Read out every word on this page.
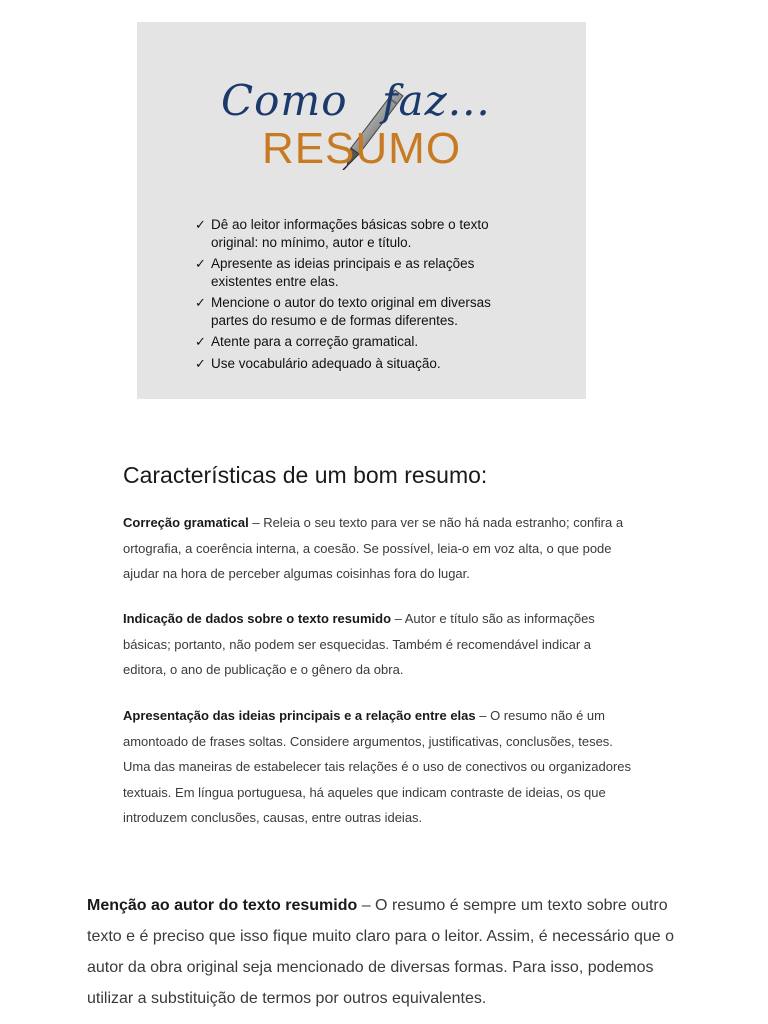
Como faz...
RESUMO
✓ Dê ao leitor informações básicas sobre o texto original: no mínimo, autor e título.
✓ Apresente as ideias principais e as relações existentes entre elas.
✓ Mencione o autor do texto original em diversas partes do resumo e de formas diferentes.
✓ Atente para a correção gramatical.
✓ Use vocabulário adequado à situação.
Características de um bom resumo:

Correção gramatical – Releia o seu texto para ver se não há nada estranho; confira a ortografia, a coerência interna, a coesão. Se possível, leia-o em voz alta, o que pode ajudar na hora de perceber algumas coisinhas fora do lugar.

Indicação de dados sobre o texto resumido – Autor e título são as informações básicas; portanto, não podem ser esquecidas. Também é recomendável indicar a editora, o ano de publicação e o gênero da obra.

Apresentação das ideias principais e a relação entre elas – O resumo não é um amontoado de frases soltas. Considere argumentos, justificativas, conclusões, teses. Uma das maneiras de estabelecer tais relações é o uso de conectivos ou organizadores textuais. Em língua portuguesa, há aqueles que indicam contraste de ideias, os que introduzem conclusões, causas, entre outras ideias.

Menção ao autor do texto resumido – O resumo é sempre um texto sobre outro texto e é preciso que isso fique muito claro para o leitor. Assim, é necessário que o autor da obra original seja mencionado de diversas formas. Para isso, podemos utilizar a substituição de termos por outros equivalentes.
